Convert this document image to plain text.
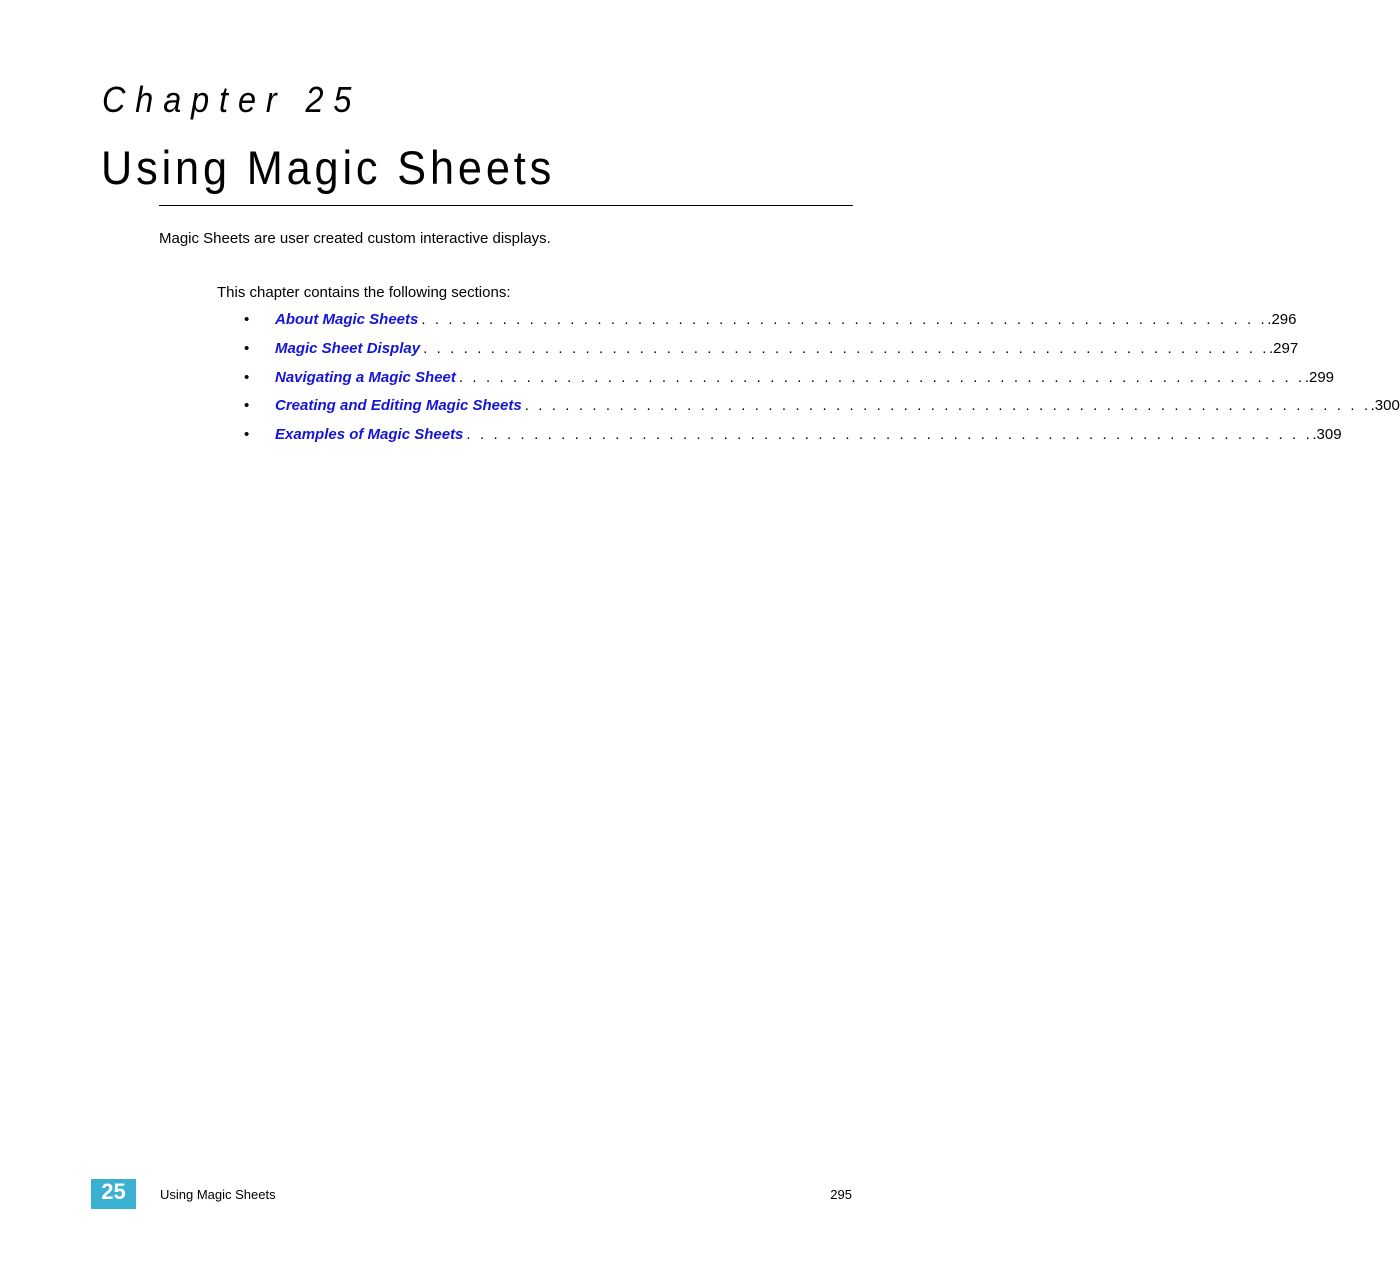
Chapter 25
Using Magic Sheets

Magic Sheets are user created custom interactive displays.

This chapter contains the following sections:

• About Magic Sheets . . . . . . . . . . . . . . . . . . . . . . . . . . . . . . . . . . . . . . . . . . . . . . . . . . . . . . . . . . . . . . . .296
• Magic Sheet Display . . . . . . . . . . . . . . . . . . . . . . . . . . . . . . . . . . . . . . . . . . . . . . . . . . . . . . . . . . . . . . . .297
• Navigating a Magic Sheet . . . . . . . . . . . . . . . . . . . . . . . . . . . . . . . . . . . . . . . . . . . . . . . . . . . . . . . . . . . . . . . .299
• Creating and Editing Magic Sheets . . . . . . . . . . . . . . . . . . . . . . . . . . . . . . . . . . . . . . . . . . . . . . . . . . . . . . . . . . . . . . . .300
• Examples of Magic Sheets . . . . . . . . . . . . . . . . . . . . . . . . . . . . . . . . . . . . . . . . . . . . . . . . . . . . . . . . . . . . . . . .309
25	Using Magic Sheets	295
